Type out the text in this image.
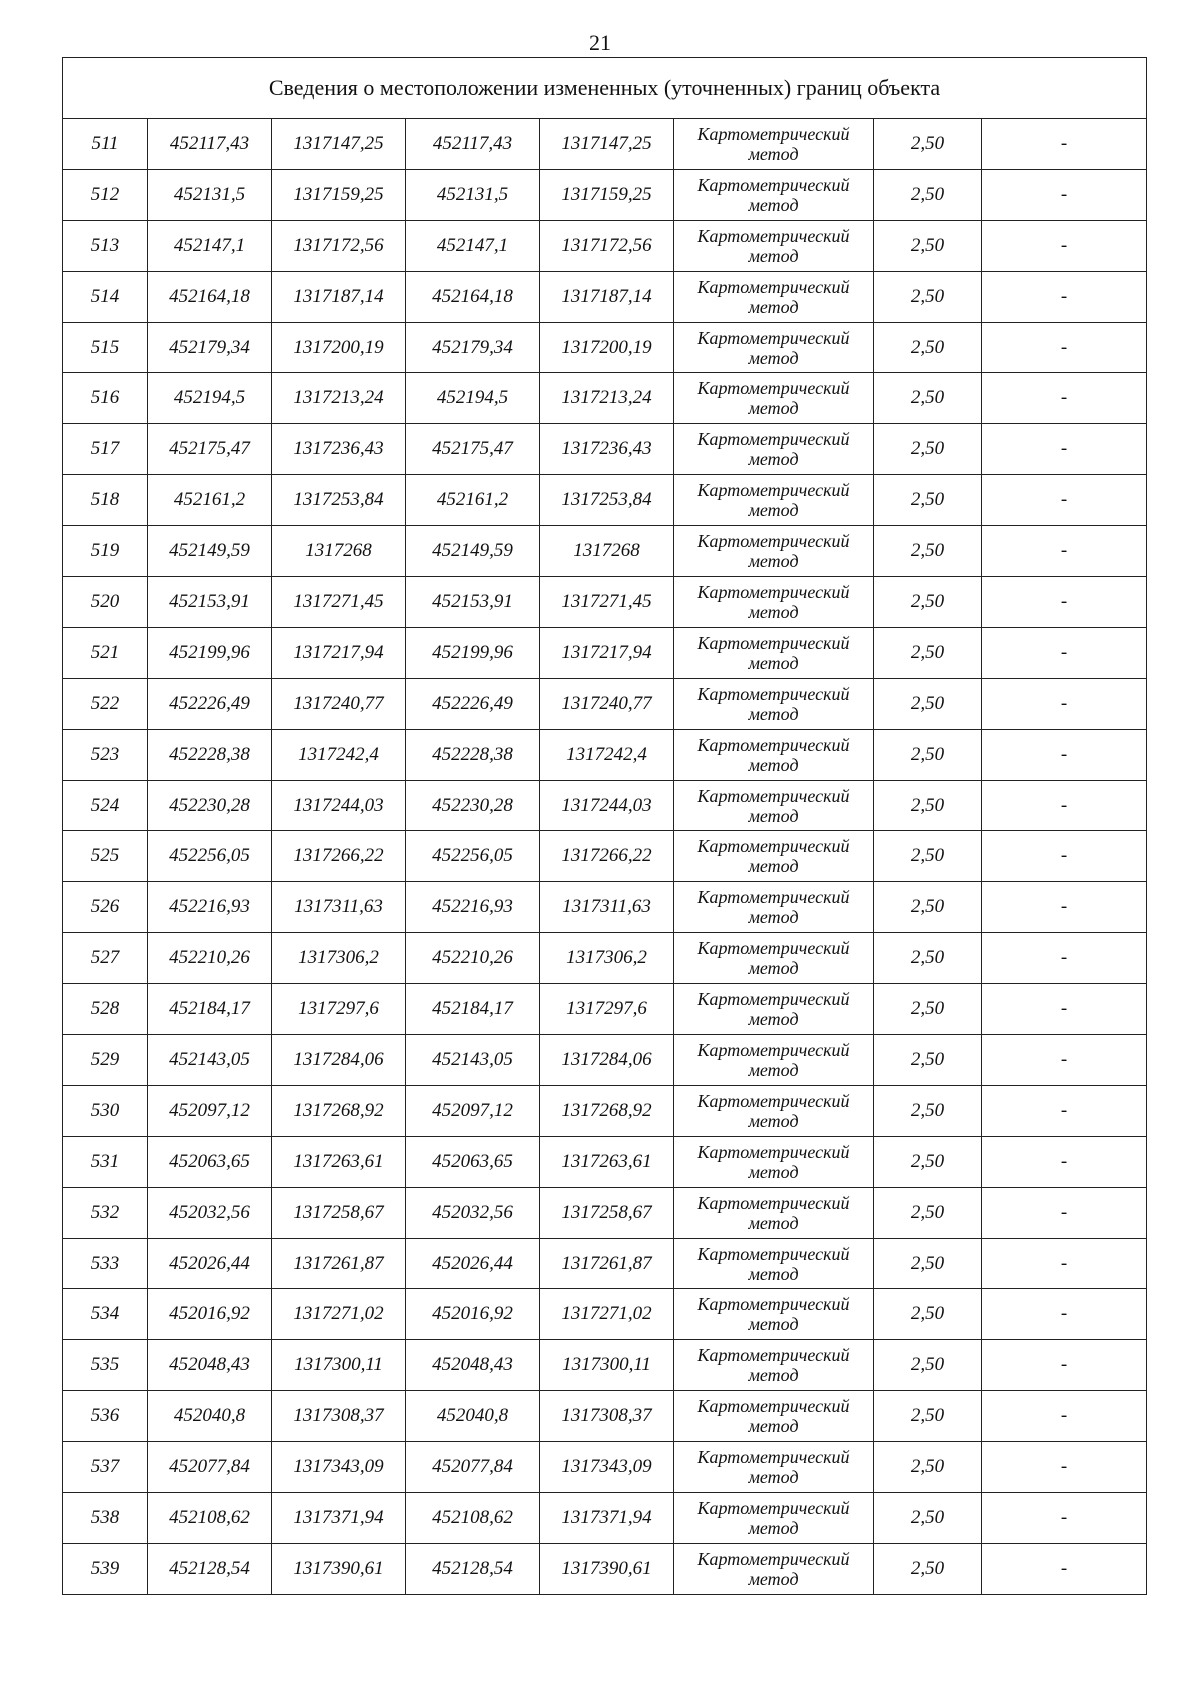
21
Сведения о местоположении измененных (уточненных) границ объекта							
511	452117,43	1317147,25	452117,43	1317147,25	Картометрический метод	2,50	-
512	452131,5	1317159,25	452131,5	1317159,25	Картометрический метод	2,50	-
513	452147,1	1317172,56	452147,1	1317172,56	Картометрический метод	2,50	-
514	452164,18	1317187,14	452164,18	1317187,14	Картометрический метод	2,50	-
515	452179,34	1317200,19	452179,34	1317200,19	Картометрический метод	2,50	-
516	452194,5	1317213,24	452194,5	1317213,24	Картометрический метод	2,50	-
517	452175,47	1317236,43	452175,47	1317236,43	Картометрический метод	2,50	-
518	452161,2	1317253,84	452161,2	1317253,84	Картометрический метод	2,50	-
519	452149,59	1317268	452149,59	1317268	Картометрический метод	2,50	-
520	452153,91	1317271,45	452153,91	1317271,45	Картометрический метод	2,50	-
521	452199,96	1317217,94	452199,96	1317217,94	Картометрический метод	2,50	-
522	452226,49	1317240,77	452226,49	1317240,77	Картометрический метод	2,50	-
523	452228,38	1317242,4	452228,38	1317242,4	Картометрический метод	2,50	-
524	452230,28	1317244,03	452230,28	1317244,03	Картометрический метод	2,50	-
525	452256,05	1317266,22	452256,05	1317266,22	Картометрический метод	2,50	-
526	452216,93	1317311,63	452216,93	1317311,63	Картометрический метод	2,50	-
527	452210,26	1317306,2	452210,26	1317306,2	Картометрический метод	2,50	-
528	452184,17	1317297,6	452184,17	1317297,6	Картометрический метод	2,50	-
529	452143,05	1317284,06	452143,05	1317284,06	Картометрический метод	2,50	-
530	452097,12	1317268,92	452097,12	1317268,92	Картометрический метод	2,50	-
531	452063,65	1317263,61	452063,65	1317263,61	Картометрический метод	2,50	-
532	452032,56	1317258,67	452032,56	1317258,67	Картометрический метод	2,50	-
533	452026,44	1317261,87	452026,44	1317261,87	Картометрический метод	2,50	-
534	452016,92	1317271,02	452016,92	1317271,02	Картометрический метод	2,50	-
535	452048,43	1317300,11	452048,43	1317300,11	Картометрический метод	2,50	-
536	452040,8	1317308,37	452040,8	1317308,37	Картометрический метод	2,50	-
537	452077,84	1317343,09	452077,84	1317343,09	Картометрический метод	2,50	-
538	452108,62	1317371,94	452108,62	1317371,94	Картометрический метод	2,50	-
539	452128,54	1317390,61	452128,54	1317390,61	Картометрический метод	2,50	-
